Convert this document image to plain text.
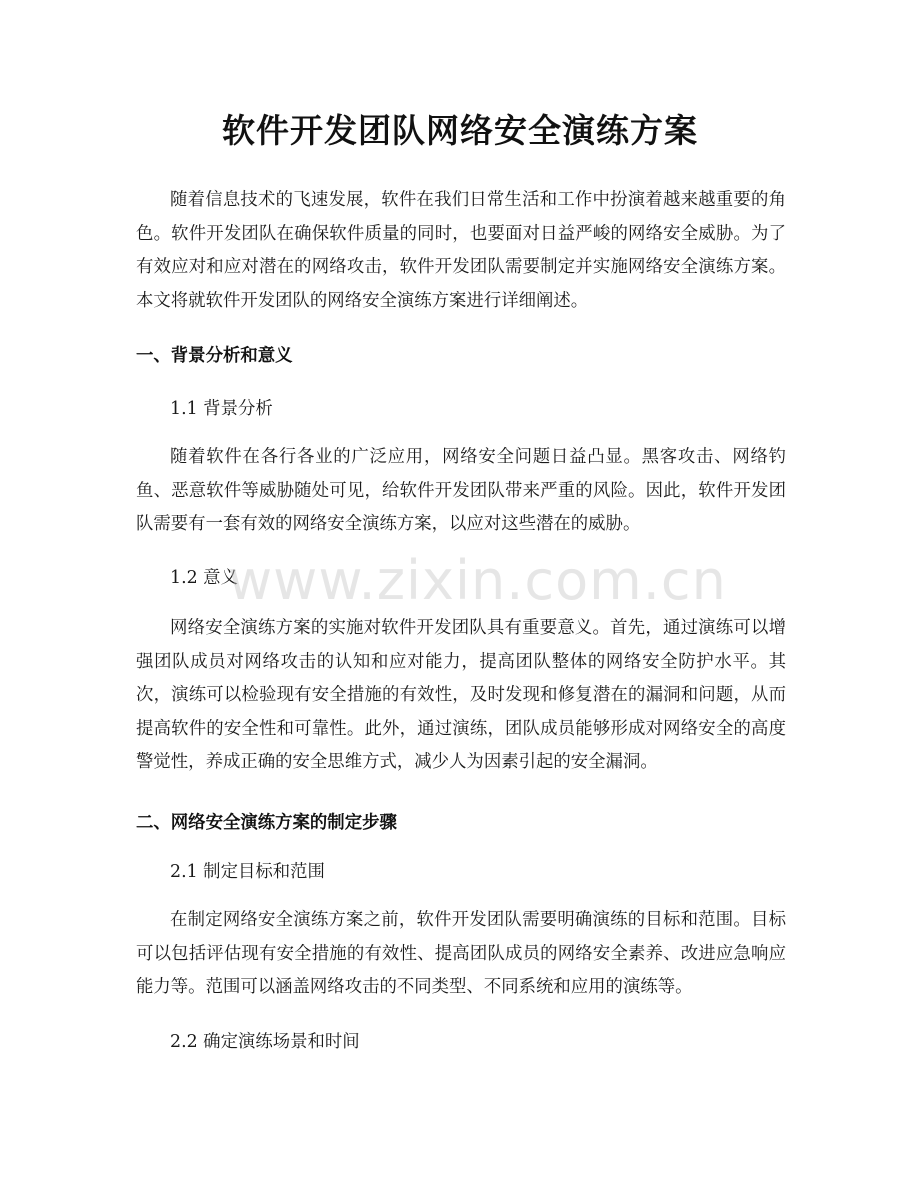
软件开发团队网络安全演练方案
随着信息技术的飞速发展，软件在我们日常生活和工作中扮演着越来越重要的角色。软件开发团队在确保软件质量的同时，也要面对日益严峻的网络安全威胁。为了有效应对和应对潜在的网络攻击，软件开发团队需要制定并实施网络安全演练方案。本文将就软件开发团队的网络安全演练方案进行详细阐述。
一、背景分析和意义
1.1 背景分析
随着软件在各行各业的广泛应用，网络安全问题日益凸显。黑客攻击、网络钓鱼、恶意软件等威胁随处可见，给软件开发团队带来严重的风险。因此，软件开发团队需要有一套有效的网络安全演练方案，以应对这些潜在的威胁。
1.2 意义
网络安全演练方案的实施对软件开发团队具有重要意义。首先，通过演练可以增强团队成员对网络攻击的认知和应对能力，提高团队整体的网络安全防护水平。其次，演练可以检验现有安全措施的有效性，及时发现和修复潜在的漏洞和问题，从而提高软件的安全性和可靠性。此外，通过演练，团队成员能够形成对网络安全的高度警觉性，养成正确的安全思维方式，减少人为因素引起的安全漏洞。
二、网络安全演练方案的制定步骤
2.1 制定目标和范围
在制定网络安全演练方案之前，软件开发团队需要明确演练的目标和范围。目标可以包括评估现有安全措施的有效性、提高团队成员的网络安全素养、改进应急响应能力等。范围可以涵盖网络攻击的不同类型、不同系统和应用的演练等。
2.2 确定演练场景和时间
www.zixin.com.cn
